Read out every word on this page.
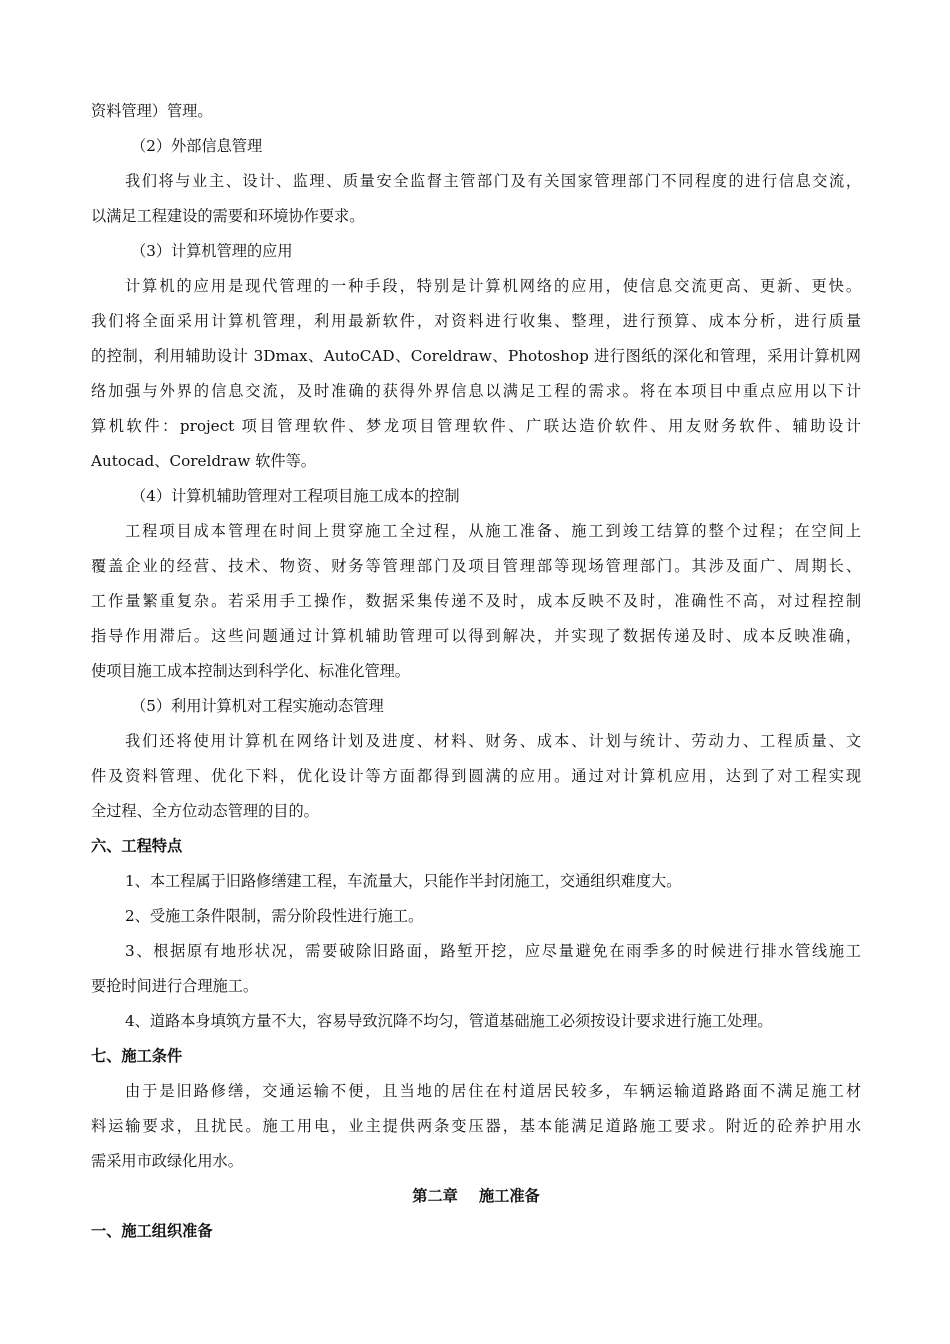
资料管理）管理。
（2）外部信息管理
我们将与业主、设计、监理、质量安全监督主管部门及有关国家管理部门不同程度的进行信息交流，
以满足工程建设的需要和环境协作要求。
（3）计算机管理的应用
计算机的应用是现代管理的一种手段，特别是计算机网络的应用，使信息交流更高、更新、更快。
我们将全面采用计算机管理，利用最新软件，对资料进行收集、整理，进行预算、成本分析，进行质量
的控制，利用辅助设计 3Dmax、AutoCAD、Coreldraw、Photoshop 进行图纸的深化和管理，采用计算机网
络加强与外界的信息交流，及时准确的获得外界信息以满足工程的需求。将在本项目中重点应用以下计
算机软件：project 项目管理软件、梦龙项目管理软件、广联达造价软件、用友财务软件、辅助设计
Autocad、Coreldraw 软件等。
（4）计算机辅助管理对工程项目施工成本的控制
工程项目成本管理在时间上贯穿施工全过程，从施工准备、施工到竣工结算的整个过程；在空间上
覆盖企业的经营、技术、物资、财务等管理部门及项目管理部等现场管理部门。其涉及面广、周期长、
工作量繁重复杂。若采用手工操作，数据采集传递不及时，成本反映不及时，准确性不高，对过程控制
指导作用滞后。这些问题通过计算机辅助管理可以得到解决，并实现了数据传递及时、成本反映准确，
使项目施工成本控制达到科学化、标准化管理。
（5）利用计算机对工程实施动态管理
我们还将使用计算机在网络计划及进度、材料、财务、成本、计划与统计、劳动力、工程质量、文
件及资料管理、优化下料，优化设计等方面都得到圆满的应用。通过对计算机应用，达到了对工程实现
全过程、全方位动态管理的目的。
六、工程特点
1、本工程属于旧路修缮建工程，车流量大，只能作半封闭施工，交通组织难度大。
2、受施工条件限制，需分阶段性进行施工。
3、根据原有地形状况，需要破除旧路面，路堑开挖，应尽量避免在雨季多的时候进行排水管线施工
要抢时间进行合理施工。
4、道路本身填筑方量不大，容易导致沉降不均匀，管道基础施工必须按设计要求进行施工处理。
七、施工条件
由于是旧路修缮，交通运输不便，且当地的居住在村道居民较多，车辆运输道路路面不满足施工材
料运输要求，且扰民。施工用电，业主提供两条变压器，基本能满足道路施工要求。附近的砼养护用水
需采用市政绿化用水。
第二章    施工准备
一、施工组织准备
